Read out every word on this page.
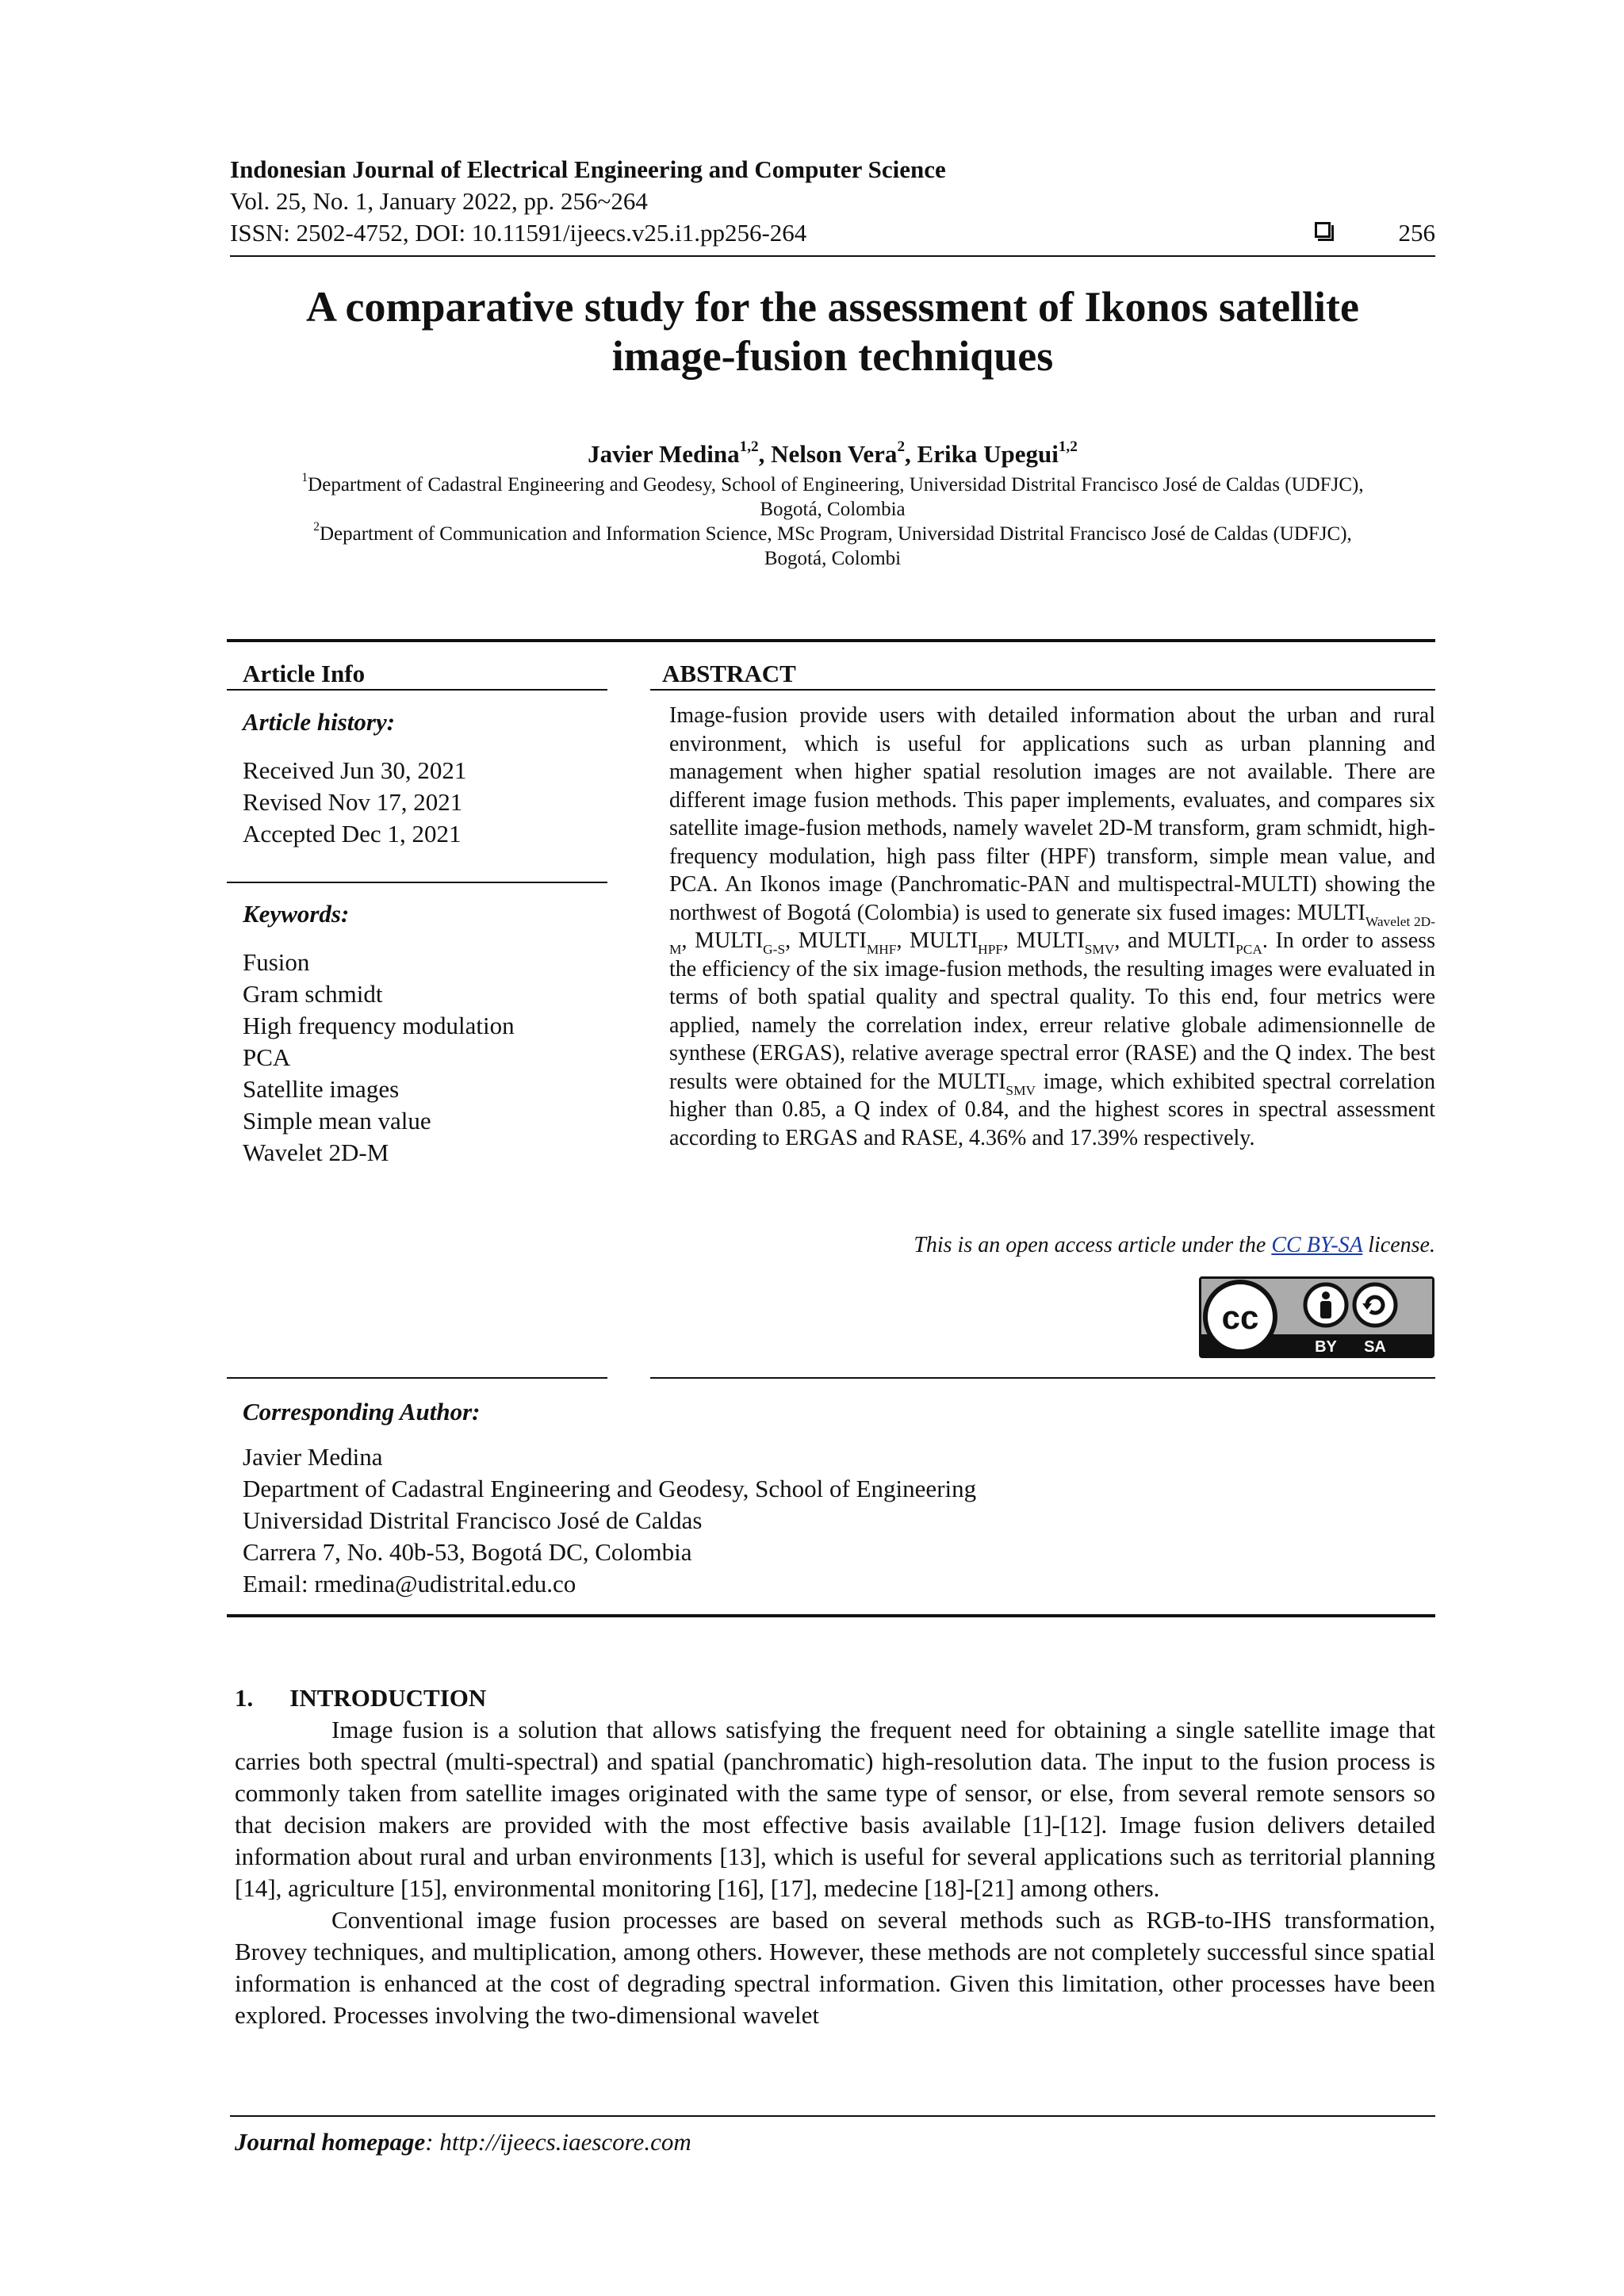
Indonesian Journal of Electrical Engineering and Computer Science
Vol. 25, No. 1, January 2022, pp. 256~264
ISSN: 2502-4752, DOI: 10.11591/ijeecs.v25.i1.pp256-264	256
A comparative study for the assessment of Ikonos satellite
image-fusion techniques
Javier Medina$^{1,2}$, Nelson Vera$^2$, Erika Upegui$^{1,2}$
$^1$Department of Cadastral Engineering and Geodesy, School of Engineering, Universidad Distrital Francisco José de Caldas (UDFJC),
Bogotá, Colombia
$^2$Department of Communication and Information Science, MSc Program, Universidad Distrital Francisco José de Caldas (UDFJC),
Bogotá, Colombi
Article Info
Article history:
Received Jun 30, 2021
Revised Nov 17, 2021
Accepted Dec 1, 2021
Keywords:
Fusion
Gram schmidt
High frequency modulation
PCA
Satellite images
Simple mean value
Wavelet 2D-M
ABSTRACT
Image-fusion provide users with detailed information about the urban and rural environment, which is useful for applications such as urban planning and management when higher spatial resolution images are not available. There are different image fusion methods. This paper implements, evaluates, and compares six satellite image-fusion methods, namely wavelet 2D-M transform, gram schmidt, high-frequency modulation, high pass filter (HPF) transform, simple mean value, and PCA. An Ikonos image (Panchromatic-PAN and multispectral-MULTI) showing the northwest of Bogotá (Colombia) is used to generate six fused images: $MULTI_{Wavelet 2D-M}$, $MULTI_{G-S}$, $MULTI_{MHF}$, $MULTI_{HPF}$, $MULTI_{SMV}$, and $MULTI_{PCA}$. In order to assess the efficiency of the six image-fusion methods, the resulting images were evaluated in terms of both spatial quality and spectral quality. To this end, four metrics were applied, namely the correlation index, erreur relative globale adimensionnelle de synthese (ERGAS), relative average spectral error (RASE) and the Q index. The best results were obtained for the $MULTI_{SMV}$ image, which exhibited spectral correlation higher than 0.85, a Q index of 0.84, and the highest scores in spectral assessment according to ERGAS and RASE, 4.36% and 17.39% respectively.
This is an open access article under the CC BY-SA license.
cc
BY SA
Corresponding Author:
Javier Medina
Department of Cadastral Engineering and Geodesy, School of Engineering
Universidad Distrital Francisco José de Caldas
Carrera 7, No. 40b-53, Bogotá DC, Colombia
Email: rmedina@udistrital.edu.co
1. INTRODUCTION

Image fusion is a solution that allows satisfying the frequent need for obtaining a single satellite image that carries both spectral (multi-spectral) and spatial (panchromatic) high-resolution data. The input to the fusion process is commonly taken from satellite images originated with the same type of sensor, or else, from several remote sensors so that decision makers are provided with the most effective basis available [1]-[12]. Image fusion delivers detailed information about rural and urban environments [13], which is useful for several applications such as territorial planning [14], agriculture [15], environmental monitoring [16], [17], medecine [18]-[21] among others.

Conventional image fusion processes are based on several methods such as RGB-to-IHS transformation, Brovey techniques, and multiplication, among others. However, these methods are not completely successful since spatial information is enhanced at the cost of degrading spectral information. Given this limitation, other processes have been explored. Processes involving the two-dimensional wavelet

Journal homepage: http://ijeecs.iaescore.com
